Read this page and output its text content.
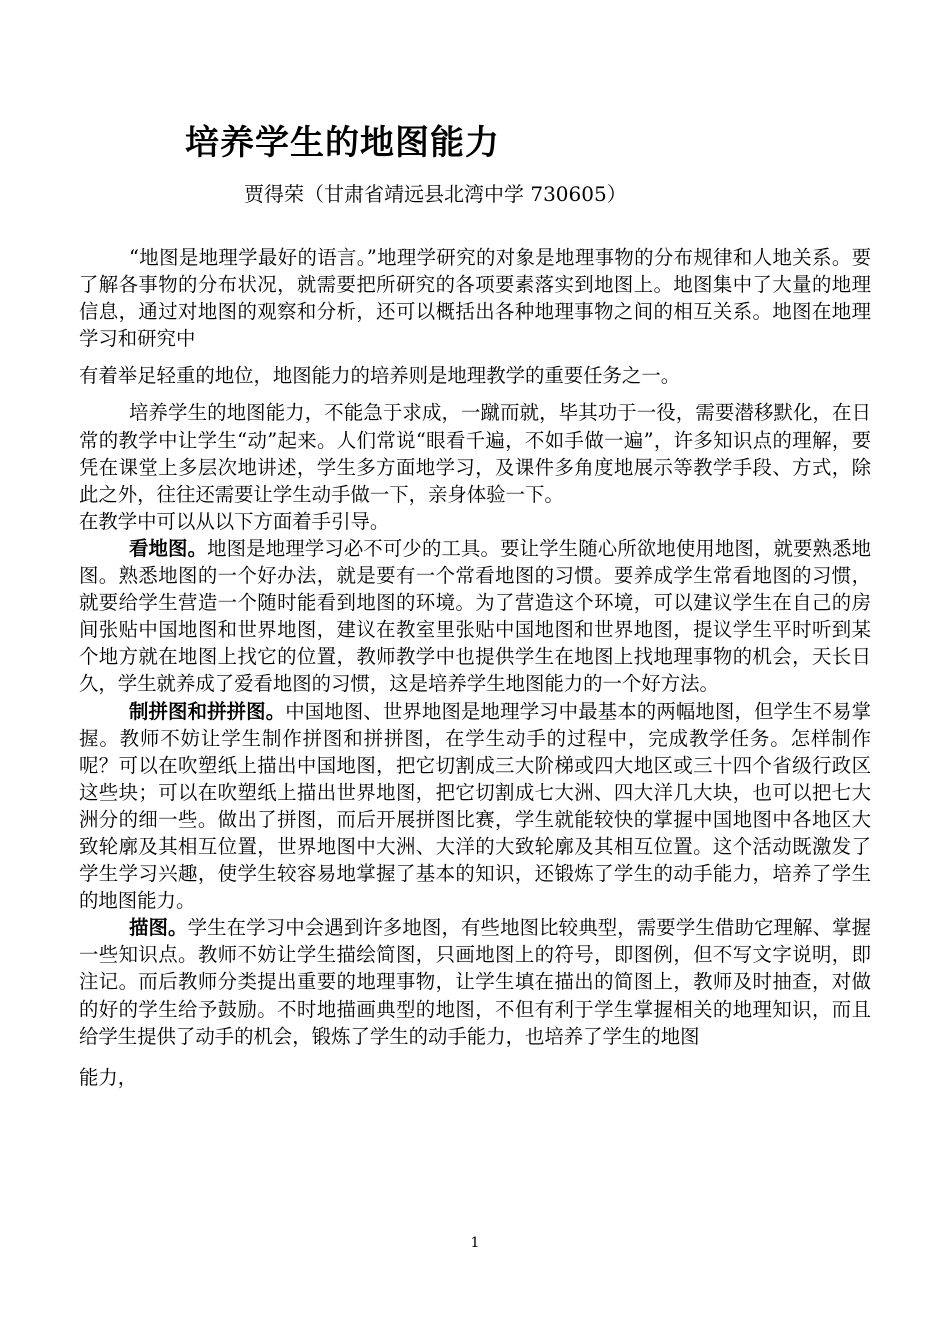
培养学生的地图能力

贾得荣（甘肃省靖远县北湾中学 730605）

“地图是地理学最好的语言。”地理学研究的对象是地理事物的分布规律和人地关系。要了解各事物的分布状况，就需要把所研究的各项要素落实到地图上。地图集中了大量的地理信息，通过对地图的观察和分析，还可以概括出各种地理事物之间的相互关系。地图在地理学习和研究中

有着举足轻重的地位，地图能力的培养则是地理教学的重要任务之一。

培养学生的地图能力，不能急于求成，一蹴而就，毕其功于一役，需要潜移默化，在日常的教学中让学生“动”起来。人们常说“眼看千遍，不如手做一遍”，许多知识点的理解，要凭在课堂上多层次地讲述，学生多方面地学习，及课件多角度地展示等教学手段、方式，除此之外，往往还需要让学生动手做一下，亲身体验一下。

在教学中可以从以下方面着手引导。

看地图。地图是地理学习必不可少的工具。要让学生随心所欲地使用地图，就要熟悉地图。熟悉地图的一个好办法，就是要有一个常看地图的习惯。要养成学生常看地图的习惯，就要给学生营造一个随时能看到地图的环境。为了营造这个环境，可以建议学生在自己的房间张贴中国地图和世界地图，建议在教室里张贴中国地图和世界地图，提议学生平时听到某个地方就在地图上找它的位置，教师教学中也提供学生在地图上找地理事物的机会，天长日久，学生就养成了爱看地图的习惯，这是培养学生地图能力的一个好方法。

制拼图和拼拼图。中国地图、世界地图是地理学习中最基本的两幅地图，但学生不易掌握。教师不妨让学生制作拼图和拼拼图，在学生动手的过程中，完成教学任务。怎样制作呢？可以在吹塑纸上描出中国地图，把它切割成三大阶梯或四大地区或三十四个省级行政区这些块；可以在吹塑纸上描出世界地图，把它切割成七大洲、四大洋几大块，也可以把七大洲分的细一些。做出了拼图，而后开展拼图比赛，学生就能较快的掌握中国地图中各地区大致轮廓及其相互位置，世界地图中大洲、大洋的大致轮廓及其相互位置。这个活动既激发了学生学习兴趣，使学生较容易地掌握了基本的知识，还锻炼了学生的动手能力，培养了学生的地图能力。

描图。学生在学习中会遇到许多地图，有些地图比较典型，需要学生借助它理解、掌握一些知识点。教师不妨让学生描绘简图，只画地图上的符号，即图例，但不写文字说明，即注记。而后教师分类提出重要的地理事物，让学生填在描出的简图上，教师及时抽查，对做的好的学生给予鼓励。不时地描画典型的地图，不但有利于学生掌握相关的地理知识，而且给学生提供了动手的机会，锻炼了学生的动手能力，也培养了学生的地图

能力，

1
